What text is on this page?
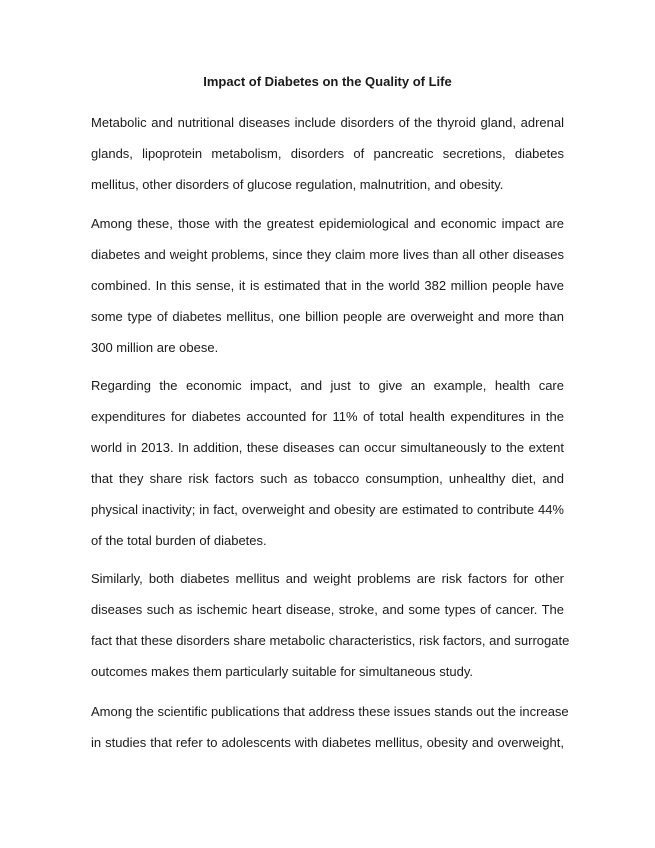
Impact of Diabetes on the Quality of Life

Metabolic and nutritional diseases include disorders of the thyroid gland, adrenal

glands, lipoprotein metabolism, disorders of pancreatic secretions, diabetes

mellitus, other disorders of glucose regulation, malnutrition, and obesity.

Among these, those with the greatest epidemiological and economic impact are

diabetes and weight problems, since they claim more lives than all other diseases

combined. In this sense, it is estimated that in the world 382 million people have

some type of diabetes mellitus, one billion people are overweight and more than

300 million are obese.

Regarding the economic impact, and just to give an example, health care

expenditures for diabetes accounted for 11% of total health expenditures in the

world in 2013. In addition, these diseases can occur simultaneously to the extent

that they share risk factors such as tobacco consumption, unhealthy diet, and

physical inactivity; in fact, overweight and obesity are estimated to contribute 44%

of the total burden of diabetes.

Similarly, both diabetes mellitus and weight problems are risk factors for other

diseases such as ischemic heart disease, stroke, and some types of cancer. The

fact that these disorders share metabolic characteristics, risk factors, and surrogate

outcomes makes them particularly suitable for simultaneous study.

Among the scientific publications that address these issues stands out the increase

in studies that refer to adolescents with diabetes mellitus, obesity and overweight,
